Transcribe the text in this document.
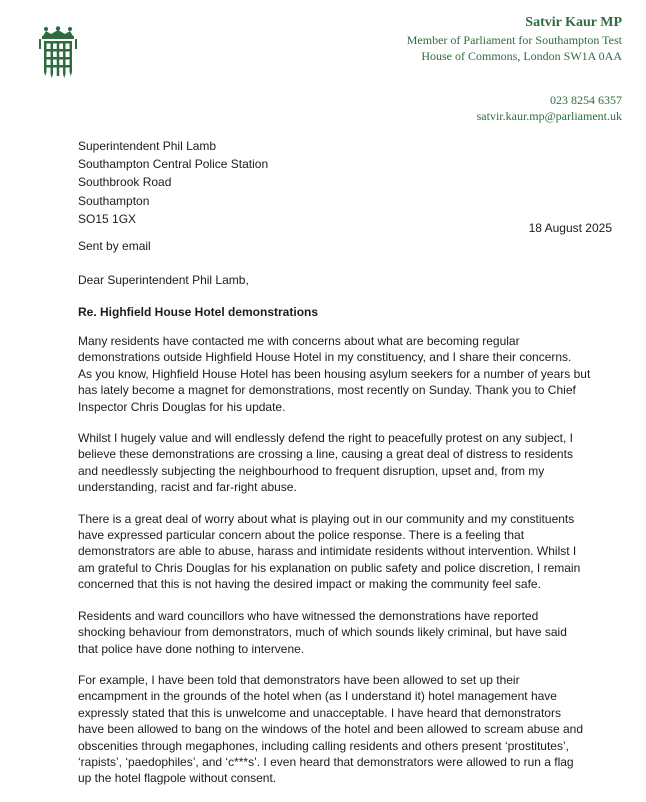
Satvir Kaur MP
Member of Parliament for Southampton Test
House of Commons, London SW1A 0AA
023 8254 6357
satvir.kaur.mp@parliament.uk
Superintendent Phil Lamb
Southampton Central Police Station
Southbrook Road
Southampton
SO15 1GX
18 August 2025
Sent by email
Dear Superintendent Phil Lamb,
Re. Highfield House Hotel demonstrations

Many residents have contacted me with concerns about what are becoming regular
demonstrations outside Highfield House Hotel in my constituency, and I share their concerns.
As you know, Highfield House Hotel has been housing asylum seekers for a number of years but
has lately become a magnet for demonstrations, most recently on Sunday. Thank you to Chief
Inspector Chris Douglas for his update.

Whilst I hugely value and will endlessly defend the right to peacefully protest on any subject, I
believe these demonstrations are crossing a line, causing a great deal of distress to residents
and needlessly subjecting the neighbourhood to frequent disruption, upset and, from my
understanding, racist and far-right abuse.

There is a great deal of worry about what is playing out in our community and my constituents
have expressed particular concern about the police response. There is a feeling that
demonstrators are able to abuse, harass and intimidate residents without intervention. Whilst I
am grateful to Chris Douglas for his explanation on public safety and police discretion, I remain
concerned that this is not having the desired impact or making the community feel safe.

Residents and ward councillors who have witnessed the demonstrations have reported
shocking behaviour from demonstrators, much of which sounds likely criminal, but have said
that police have done nothing to intervene.

For example, I have been told that demonstrators have been allowed to set up their
encampment in the grounds of the hotel when (as I understand it) hotel management have
expressly stated that this is unwelcome and unacceptable. I have heard that demonstrators
have been allowed to bang on the windows of the hotel and been allowed to scream abuse and
obscenities through megaphones, including calling residents and others present ‘prostitutes’,
‘rapists’, ‘paedophiles’, and ‘c***s’. I even heard that demonstrators were allowed to run a flag
up the hotel flagpole without consent.
